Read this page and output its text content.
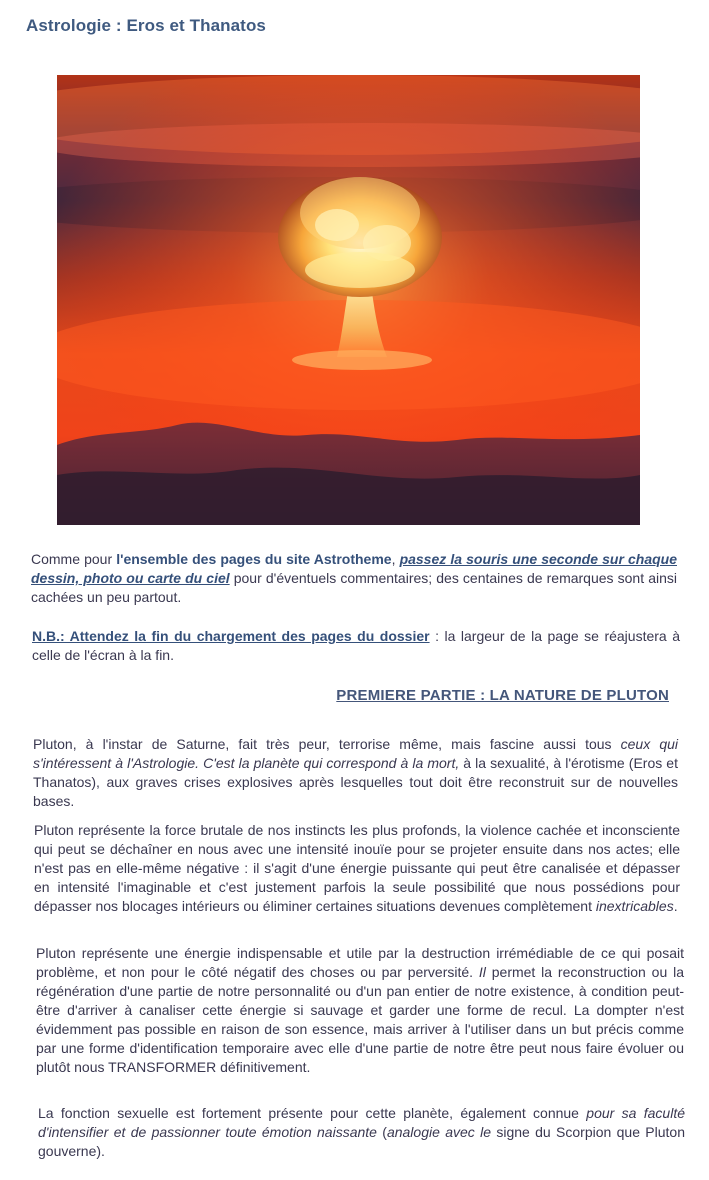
Astrologie : Eros et Thanatos
Comme pour l'ensemble des pages du site Astrotheme, passez la souris une seconde sur chaque dessin, photo ou carte du ciel pour d'éventuels commentaires; des centaines de remarques sont ainsi cachées un peu partout.
N.B.: Attendez la fin du chargement des pages du dossier : la largeur de la page se réajustera à celle de l'écran à la fin.
PREMIERE PARTIE : LA NATURE DE PLUTON
Pluton, à l'instar de Saturne, fait très peur, terrorise même, mais fascine aussi tous ceux qui s'intéressent à l'Astrologie. C'est la planète qui correspond à la mort, à la sexualité, à l'érotisme (Eros et Thanatos), aux graves crises explosives après lesquelles tout doit être reconstruit sur de nouvelles bases.
Pluton représente la force brutale de nos instincts les plus profonds, la violence cachée et inconsciente qui peut se déchaîner en nous avec une intensité inouïe pour se projeter ensuite dans nos actes; elle n'est pas en elle-même négative : il s'agit d'une énergie puissante qui peut être canalisée et dépasser en intensité l'imaginable et c'est justement parfois la seule possibilité que nous possédions pour dépasser nos blocages intérieurs ou éliminer certaines situations devenues complètement inextricables.
Pluton représente une énergie indispensable et utile par la destruction irrémédiable de ce qui posait problème, et non pour le côté négatif des choses ou par perversité. Il permet la reconstruction ou la régénération d'une partie de notre personnalité ou d'un pan entier de notre existence, à condition peut-être d'arriver à canaliser cette énergie si sauvage et garder une forme de recul. La dompter n'est évidemment pas possible en raison de son essence, mais arriver à l'utiliser dans un but précis comme par une forme d'identification temporaire avec elle d'une partie de notre être peut nous faire évoluer ou plutôt nous TRANSFORMER définitivement.
La fonction sexuelle est fortement présente pour cette planète, également connue pour sa faculté d'intensifier et de passionner toute émotion naissante (analogie avec le signe du Scorpion que Pluton gouverne).
